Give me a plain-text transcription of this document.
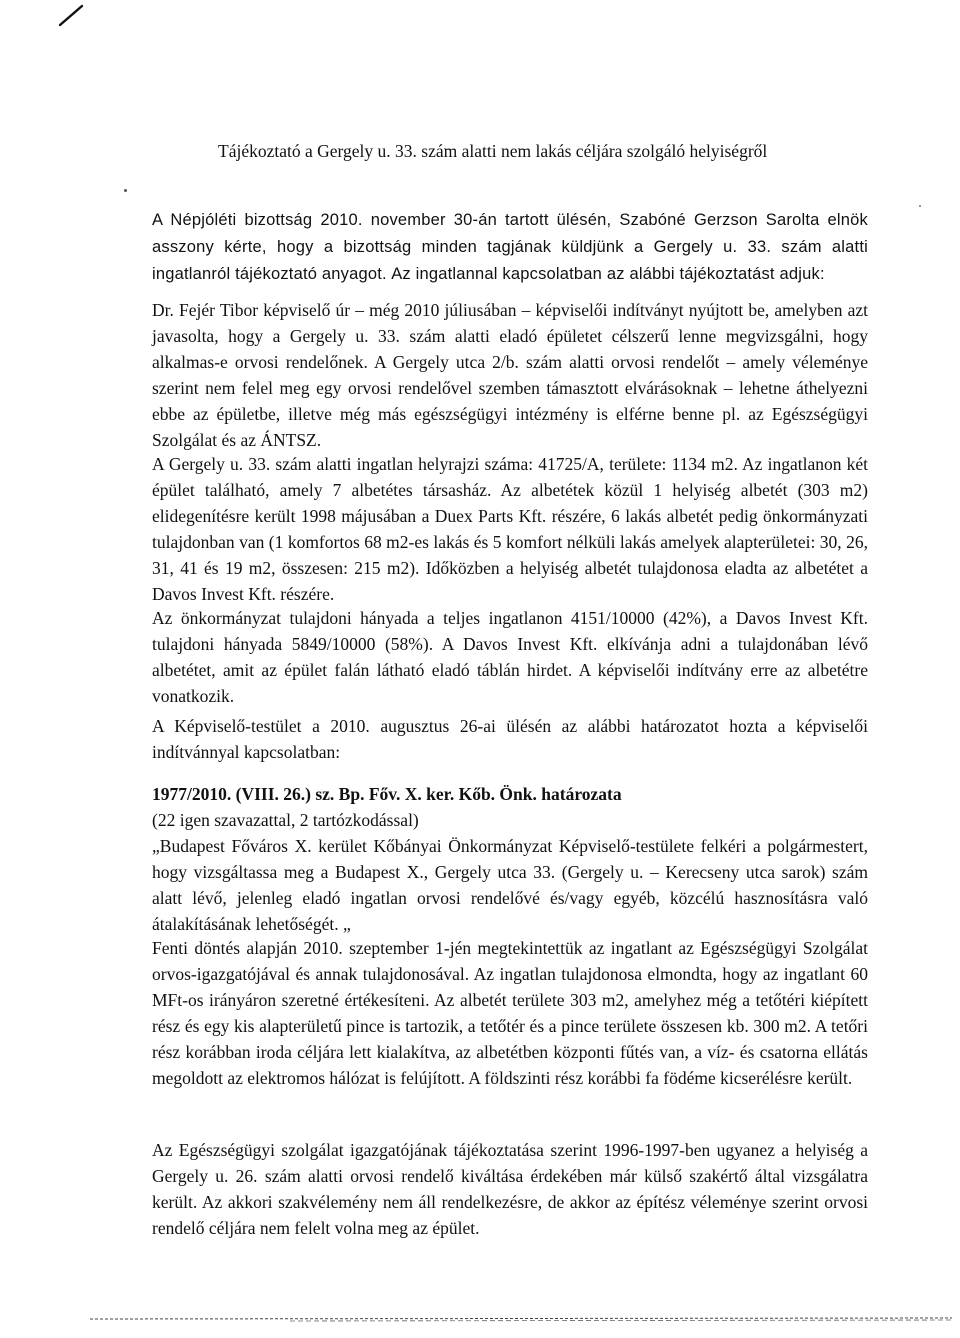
Tájékoztató a Gergely u. 33. szám alatti nem lakás céljára szolgáló helyiségről

A Népjóléti bizottság 2010. november 30-án tartott ülésén, Szabóné Gerzson Sarolta elnök asszony kérte, hogy a bizottság minden tagjának küldjünk a Gergely u. 33. szám alatti ingatlanról tájékoztató anyagot. Az ingatlannal kapcsolatban az alábbi tájékoztatást adjuk:

Dr. Fejér Tibor képviselő úr – még 2010 júliusában – képviselői indítványt nyújtott be, amelyben azt javasolta, hogy a Gergely u. 33. szám alatti eladó épületet célszerű lenne megvizsgálni, hogy alkalmas-e orvosi rendelőnek. A Gergely utca 2/b. szám alatti orvosi rendelőt – amely véleménye szerint nem felel meg egy orvosi rendelővel szemben támasztott elvárásoknak – lehetne áthelyezni ebbe az épületbe, illetve még más egészségügyi intézmény is elférne benne pl. az Egészségügyi Szolgálat és az ÁNTSZ.

A Gergely u. 33. szám alatti ingatlan helyrajzi száma: 41725/A, területe: 1134 m2. Az ingatlanon két épület található, amely 7 albetétes társasház. Az albetétek közül 1 helyiség albetét (303 m2) elidegenítésre került 1998 májusában a Duex Parts Kft. részére, 6 lakás albetét pedig önkormányzati tulajdonban van (1 komfortos 68 m2-es lakás és 5 komfort nélküli lakás amelyek alapterületei: 30, 26, 31, 41 és 19 m2, összesen: 215 m2). Időközben a helyiség albetét tulajdonosa eladta az albetétet a Davos Invest Kft. részére.

Az önkormányzat tulajdoni hányada a teljes ingatlanon 4151/10000 (42%), a Davos Invest Kft. tulajdoni hányada 5849/10000 (58%). A Davos Invest Kft. elkívánja adni a tulajdonában lévő albetétet, amit az épület falán látható eladó táblán hirdet. A képviselői indítvány erre az albetétre vonatkozik.

A Képviselő-testület a 2010. augusztus 26-ai ülésén az alábbi határozatot hozta a képviselői indítvánnyal kapcsolatban:

1977/2010. (VIII. 26.) sz. Bp. Főv. X. ker. Kőb. Önk. határozata
(22 igen szavazattal, 2 tartózkodással)
„Budapest Főváros X. kerület Kőbányai Önkormányzat Képviselő-testülete felkéri a polgármestert, hogy vizsgáltassa meg a Budapest X., Gergely utca 33. (Gergely u. – Kerecseny utca sarok) szám alatt lévő, jelenleg eladó ingatlan orvosi rendelővé és/vagy egyéb, közcélú hasznosításra való átalakításának lehetőségét. „

Fenti döntés alapján 2010. szeptember 1-jén megtekintettük az ingatlant az Egészségügyi Szolgálat orvos-igazgatójával és annak tulajdonosával. Az ingatlan tulajdonosa elmondta, hogy az ingatlant 60 MFt-os irányáron szeretné értékesíteni. Az albetét területe 303 m2, amelyhez még a tetőtéri kiépített rész és egy kis alapterületű pince is tartozik, a tetőtér és a pince területe összesen kb. 300 m2. A tetőri rész korábban iroda céljára lett kialakítva, az albetétben központi fűtés van, a víz- és csatorna ellátás megoldott az elektromos hálózat is felújított. A földszinti rész korábbi fa födéme kicserélésre került.

Az Egészségügyi szolgálat igazgatójának tájékoztatása szerint 1996-1997-ben ugyanez a helyiség a Gergely u. 26. szám alatti orvosi rendelő kiváltása érdekében már külső szakértő által vizsgálatra került. Az akkori szakvélemény nem áll rendelkezésre, de akkor az építész véleménye szerint orvosi rendelő céljára nem felelt volna meg az épület.
